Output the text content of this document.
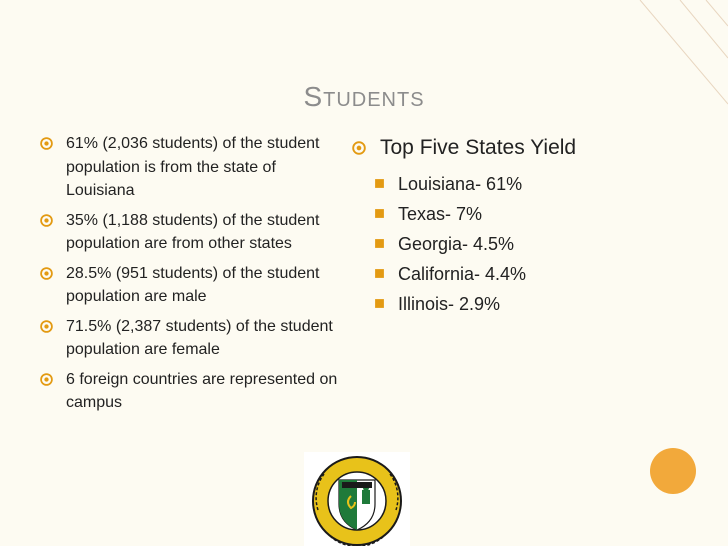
Students
61% (2,036 students) of the student population is from the state of Louisiana
35% (1,188 students) of the student population are from other states
28.5% (951 students) of the student population are male
71.5% (2,387 students) of the student population are female
6 foreign countries are represented on campus
Top Five States Yield
Louisiana- 61%
Texas- 7%
Georgia- 4.5%
California- 4.4%
Illinois- 2.9%
